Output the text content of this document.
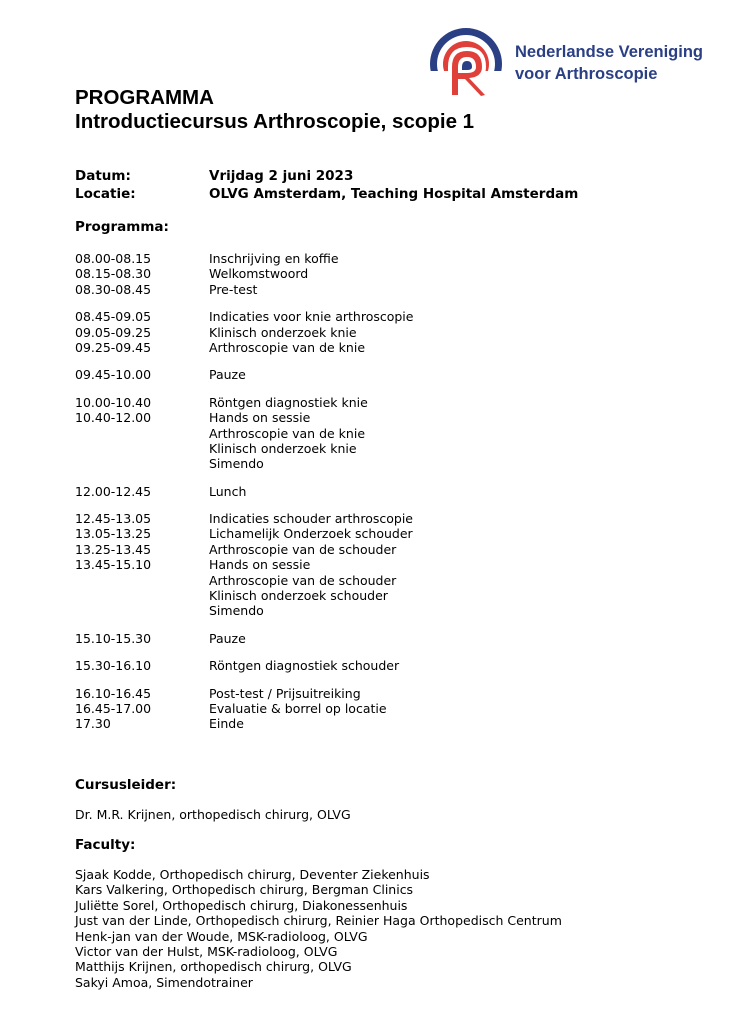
Nederlandse Vereniging
voor Arthroscopie
PROGRAMMA
Introductiecursus Arthroscopie, scopie 1
Datum:	Vrijdag 2 juni 2023
Locatie:	OLVG Amsterdam, Teaching Hospital Amsterdam
Programma:
08.00-08.15	Inschrijving en koffie
08.15-08.30	Welkomstwoord
08.30-08.45	Pre-test
08.45-09.05	Indicaties voor knie arthroscopie
09.05-09.25	Klinisch onderzoek knie
09.25-09.45	Arthroscopie van de knie
09.45-10.00	Pauze
10.00-10.40	Röntgen diagnostiek knie
10.40-12.00	Hands on sessie
Arthroscopie van de knie
Klinisch onderzoek knie
Simendo
12.00-12.45	Lunch
12.45-13.05	Indicaties schouder arthroscopie
13.05-13.25	Lichamelijk Onderzoek schouder
13.25-13.45	Arthroscopie van de schouder
13.45-15.10	Hands on sessie
Arthroscopie van de schouder
Klinisch onderzoek schouder
Simendo
15.10-15.30	Pauze
15.30-16.10	Röntgen diagnostiek schouder
16.10-16.45	Post-test / Prijsuitreiking
16.45-17.00	Evaluatie & borrel op locatie
17.30	Einde
Cursusleider:
Dr. M.R. Krijnen, orthopedisch chirurg, OLVG
Faculty:
Sjaak Kodde, Orthopedisch chirurg, Deventer Ziekenhuis
Kars Valkering, Orthopedisch chirurg, Bergman Clinics
Juliëtte Sorel, Orthopedisch chirurg, Diakonessenhuis
Just van der Linde, Orthopedisch chirurg, Reinier Haga Orthopedisch Centrum
Henk-jan van der Woude, MSK-radioloog, OLVG
Victor van der Hulst, MSK-radioloog, OLVG
Matthijs Krijnen, orthopedisch chirurg, OLVG
Sakyi Amoa, Simendotrainer
